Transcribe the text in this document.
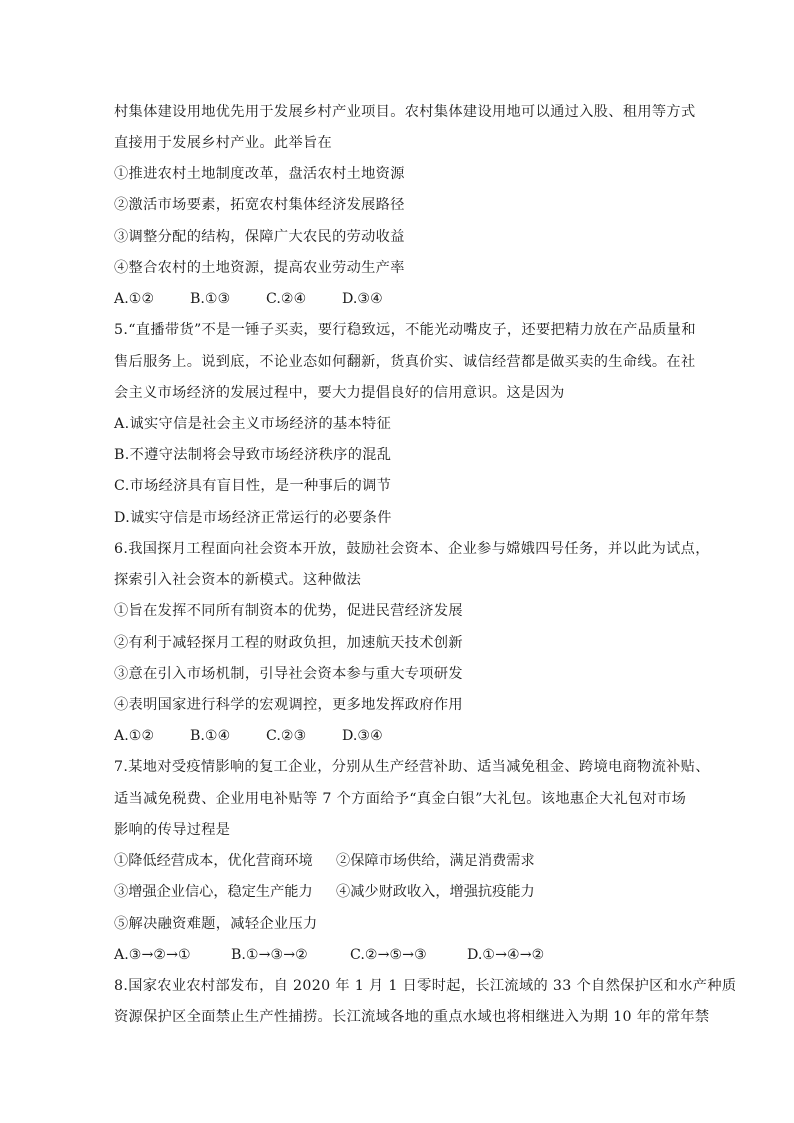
村集体建设用地优先用于发展乡村产业项目。农村集体建设用地可以通过入股、租用等方式
直接用于发展乡村产业。此举旨在
①推进农村土地制度改革，盘活农村土地资源
②激活市场要素，拓宽农村集体经济发展路径
③调整分配的结构，保障广大农民的劳动收益
④整合农村的土地资源，提高农业劳动生产率
A.①②	B.①③	C.②④	D.③④
5.“直播带货”不是一锤子买卖，要行稳致远，不能光动嘴皮子，还要把精力放在产品质量和
售后服务上。说到底，不论业态如何翻新，货真价实、诚信经营都是做买卖的生命线。在社
会主义市场经济的发展过程中，要大力提倡良好的信用意识。这是因为
A.诚实守信是社会主义市场经济的基本特征
B.不遵守法制将会导致市场经济秩序的混乱
C.市场经济具有盲目性，是一种事后的调节
D.诚实守信是市场经济正常运行的必要条件
6.我国探月工程面向社会资本开放，鼓励社会资本、企业参与嫦娥四号任务，并以此为试点，
探索引入社会资本的新模式。这种做法
①旨在发挥不同所有制资本的优势，促进民营经济发展
②有利于减轻探月工程的财政负担，加速航天技术创新
③意在引入市场机制，引导社会资本参与重大专项研发
④表明国家进行科学的宏观调控，更多地发挥政府作用
A.①②	B.①④	C.②③	D.③④
7.某地对受疫情影响的复工企业，分别从生产经营补助、适当减免租金、跨境电商物流补贴、
适当减免税费、企业用电补贴等 7 个方面给予“真金白银”大礼包。该地惠企大礼包对市场
影响的传导过程是
①降低经营成本，优化营商环境 ②保障市场供给，满足消费需求
③增强企业信心，稳定生产能力 ④减少财政收入，增强抗疫能力
⑤解决融资难题，减轻企业压力
A.③→②→①	B.①→③→②	C.②→⑤→③	D.①→④→②
8.国家农业农村部发布，自 2020 年 1 月 1 日零时起，长江流域的 33 个自然保护区和水产种质
资源保护区全面禁止生产性捕捞。长江流域各地的重点水域也将相继进入为期 10 年的常年禁
